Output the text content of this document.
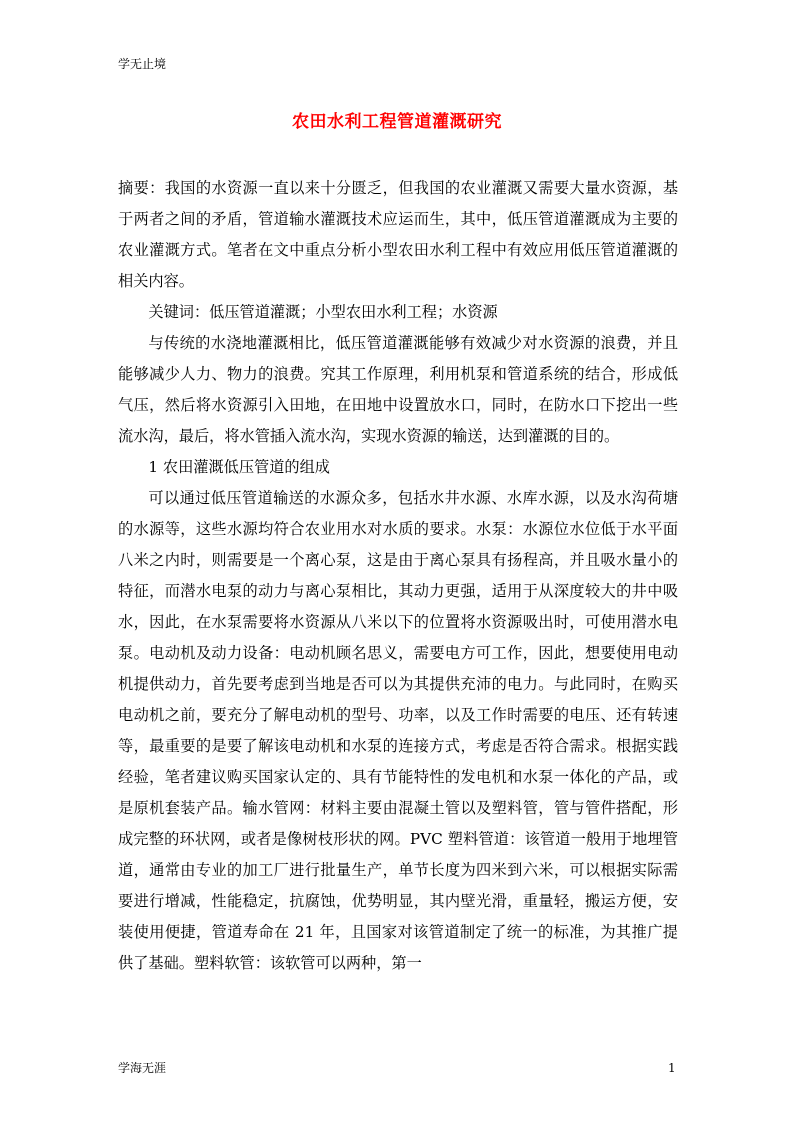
学无止境
农田水利工程管道灌溉研究

摘要：我国的水资源一直以来十分匮乏，但我国的农业灌溉又需要大量水资源，基于两者之间的矛盾，管道输水灌溉技术应运而生，其中，低压管道灌溉成为主要的农业灌溉方式。笔者在文中重点分析小型农田水利工程中有效应用低压管道灌溉的相关内容。

关键词：低压管道灌溉；小型农田水利工程；水资源

与传统的水浇地灌溉相比，低压管道灌溉能够有效减少对水资源的浪费，并且能够减少人力、物力的浪费。究其工作原理，利用机泵和管道系统的结合，形成低气压，然后将水资源引入田地，在田地中设置放水口，同时，在防水口下挖出一些流水沟，最后，将水管插入流水沟，实现水资源的输送，达到灌溉的目的。

1 农田灌溉低压管道的组成

可以通过低压管道输送的水源众多，包括水井水源、水库水源，以及水沟荷塘的水源等，这些水源均符合农业用水对水质的要求。水泵：水源位水位低于水平面八米之内时，则需要是一个离心泵，这是由于离心泵具有扬程高，并且吸水量小的特征，而潜水电泵的动力与离心泵相比，其动力更强，适用于从深度较大的井中吸水，因此，在水泵需要将水资源从八米以下的位置将水资源吸出时，可使用潜水电泵。电动机及动力设备：电动机顾名思义，需要电方可工作，因此，想要使用电动机提供动力，首先要考虑到当地是否可以为其提供充沛的电力。与此同时，在购买电动机之前，要充分了解电动机的型号、功率，以及工作时需要的电压、还有转速等，最重要的是要了解该电动机和水泵的连接方式，考虑是否符合需求。根据实践经验，笔者建议购买国家认定的、具有节能特性的发电机和水泵一体化的产品，或是原机套装产品。输水管网：材料主要由混凝土管以及塑料管，管与管件搭配，形成完整的环状网，或者是像树枝形状的网。PVC 塑料管道：该管道一般用于地埋管道，通常由专业的加工厂进行批量生产，单节长度为四米到六米，可以根据实际需要进行增减，性能稳定，抗腐蚀，优势明显，其内壁光滑，重量轻，搬运方便，安装使用便捷，管道寿命在 21 年，且国家对该管道制定了统一的标准，为其推广提供了基础。塑料软管：该软管可以两种，第一

学海无涯	1
